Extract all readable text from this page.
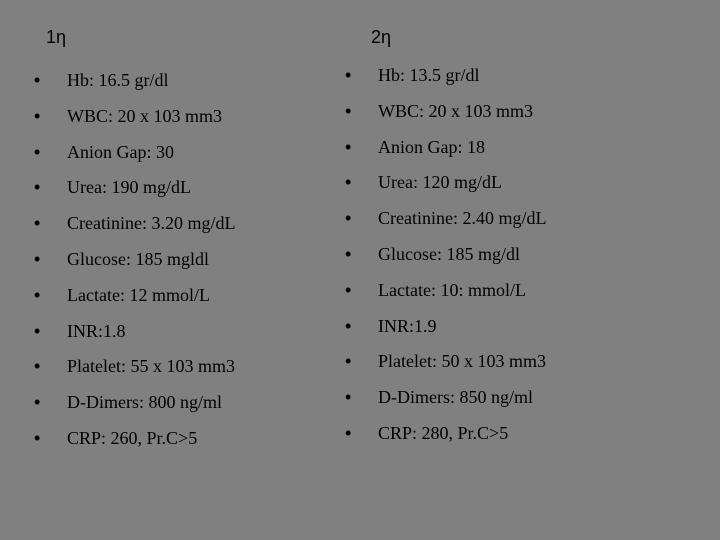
1η	2η
• Hb: 16.5 gr/dl
• WBC: 20 x 103 mm3
• Anion Gap: 30
• Urea: 190 mg/dL
• Creatinine: 3.20 mg/dL
• Glucose: 185 mgldl
• Lactate: 12 mmol/L
• INR:1.8
• Platelet: 55 x 103 mm3
• D-Dimers: 800 ng/ml
• CRP: 260, Pr.C>5
• Hb: 13.5 gr/dl
• WBC: 20 x 103 mm3
• Anion Gap: 18
• Urea: 120 mg/dL
• Creatinine: 2.40 mg/dL
• Glucose: 185 mg/dl
• Lactate: 10: mmol/L
• INR:1.9
• Platelet: 50 x 103 mm3
• D-Dimers: 850 ng/ml
• CRP: 280, Pr.C>5
